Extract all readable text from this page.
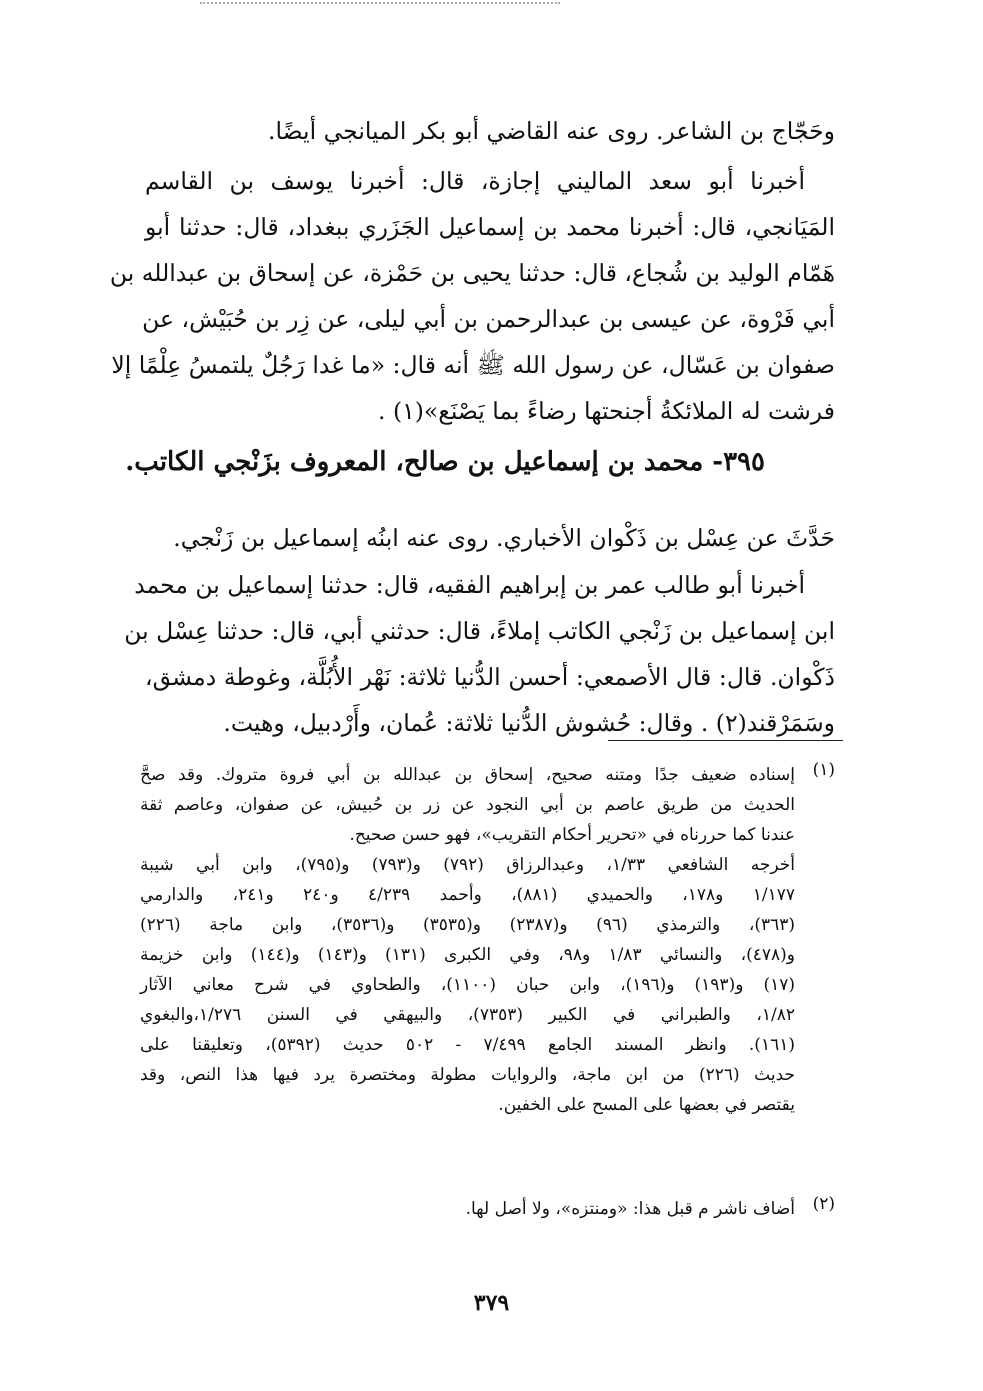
وحَجّاج بن الشاعر. روى عنه القاضي أبو بكر الميانجي أيضًا.
أخبرنا أبو سعد الماليني إجازة، قال: أخبرنا يوسف بن القاسم
المَيَانجي، قال: أخبرنا محمد بن إسماعيل الجَزَري ببغداد، قال: حدثنا أبو
هَمّام الوليد بن شُجاع، قال: حدثنا يحيى بن حَمْزة، عن إسحاق بن عبدالله بن
أبي فَرْوة، عن عيسى بن عبدالرحمن بن أبي ليلى، عن زِر بن حُبَيْش، عن
صفوان بن عَسّال، عن رسول الله ﷺ أنه قال: «ما غدا رَجُلٌ يلتمسُ عِلْمًا إلا
فرشت له الملائكةُ أجنحتها رضاءً بما يَصْنَع»(١) .
٣٩٥- محمد بن إسماعيل بن صالح، المعروف بزَنْجي الكاتب.
حَدَّثَ عن عِسْل بن ذَكْوان الأخباري. روى عنه ابنُه إسماعيل بن زَنْجي.
أخبرنا أبو طالب عمر بن إبراهيم الفقيه، قال: حدثنا إسماعيل بن محمد
ابن إسماعيل بن زَنْجي الكاتب إملاءً، قال: حدثني أبي، قال: حدثنا عِسْل بن
ذَكْوان. قال: قال الأصمعي: أحسن الدُّنيا ثلاثة: نَهْر الأُبُلَّة، وغوطة دمشق،
وسَمَرْقند(٢) . وقال: حُشوش الدُّنيا ثلاثة: عُمان، وأَرْدبيل، وهيت.
(١)
إسناده ضعيف جدًا ومتنه صحيح، إسحاق بن عبدالله بن أبي فروة متروك. وقد صحَّ
الحديث من طريق عاصم بن أبي النجود عن زر بن حُبيش، عن صفوان، وعاصم ثقة
عندنا كما حررناه في «تحرير أحكام التقريب»، فهو حسن صحيح.
أخرجه الشافعي ١/٣٣، وعبدالرزاق (٧٩٢) و(٧٩٣) و(٧٩٥)، وابن أبي شيبة
١/١٧٧ و١٧٨، والحميدي (٨٨١)، وأحمد ٤/٢٣٩ و٢٤٠ و٢٤١، والدارمي
(٣٦٣)، والترمذي (٩٦) و(٢٣٨٧) و(٣٥٣٥) و(٣٥٣٦)، وابن ماجة (٢٢٦)
و(٤٧٨)، والنسائي ١/٨٣ و٩٨، وفي الكبرى (١٣١) و(١٤٣) و(١٤٤) وابن خزيمة
(١٧) و(١٩٣) و(١٩٦)، وابن حبان (١١٠٠)، والطحاوي في شرح معاني الآثار
١/٨٢، والطبراني في الكبير (٧٣٥٣)، والبيهقي في السنن ١/٢٧٦،والبغوي
(١٦١). وانظر المسند الجامع ٧/٤٩٩ - ٥٠٢ حديث (٥٣٩٢)، وتعليقنا على
حديث (٢٢٦) من ابن ماجة، والروايات مطولة ومختصرة يرد فيها هذا النص، وقد
يقتصر في بعضها على المسح على الخفين.
(٢)
أضاف ناشر م قبل هذا: «ومنتزه»، ولا أصل لها.
٣٧٩
